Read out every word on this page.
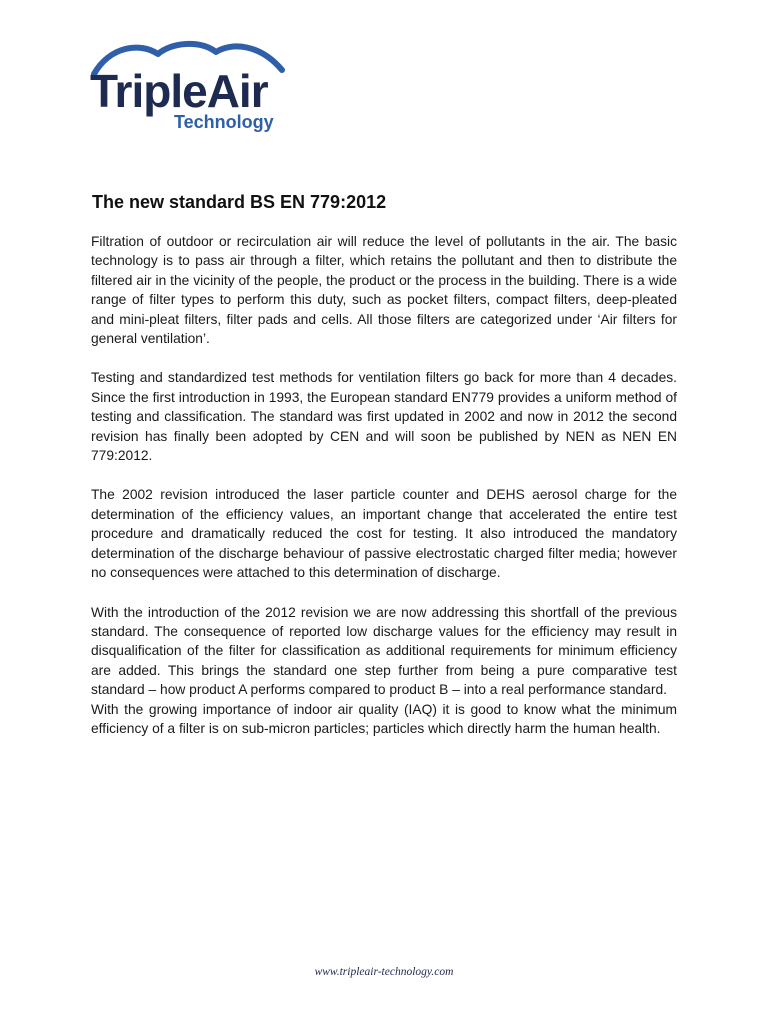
TripleAir
Technology
The new standard BS EN 779:2012

Filtration of outdoor or recirculation air will reduce the level of pollutants in the air. The basic technology is to pass air through a filter, which retains the pollutant and then to distribute the filtered air in the vicinity of the people, the product or the process in the building. There is a wide range of filter types to perform this duty, such as pocket filters, compact filters, deep-pleated and mini-pleat filters, filter pads and cells. All those filters are categorized under ‘Air filters for general ventilation’.

Testing and standardized test methods for ventilation filters go back for more than 4 decades. Since the first introduction in 1993, the European standard EN779 provides a uniform method of testing and classification. The standard was first updated in 2002 and now in 2012 the second revision has finally been adopted by CEN and will soon be published by NEN as NEN EN 779:2012.

The 2002 revision introduced the laser particle counter and DEHS aerosol charge for the determination of the efficiency values, an important change that accelerated the entire test procedure and dramatically reduced the cost for testing. It also introduced the mandatory determination of the discharge behaviour of passive electrostatic charged filter media; however no consequences were attached to this determination of discharge.

With the introduction of the 2012 revision we are now addressing this shortfall of the previous standard. The consequence of reported low discharge values for the efficiency may result in disqualification of the filter for classification as additional requirements for minimum efficiency are added. This brings the standard one step further from being a pure comparative test standard – how product A performs compared to product B – into a real performance standard.

With the growing importance of indoor air quality (IAQ) it is good to know what the minimum efficiency of a filter is on sub-micron particles; particles which directly harm the human health.

www.tripleair-technology.com
